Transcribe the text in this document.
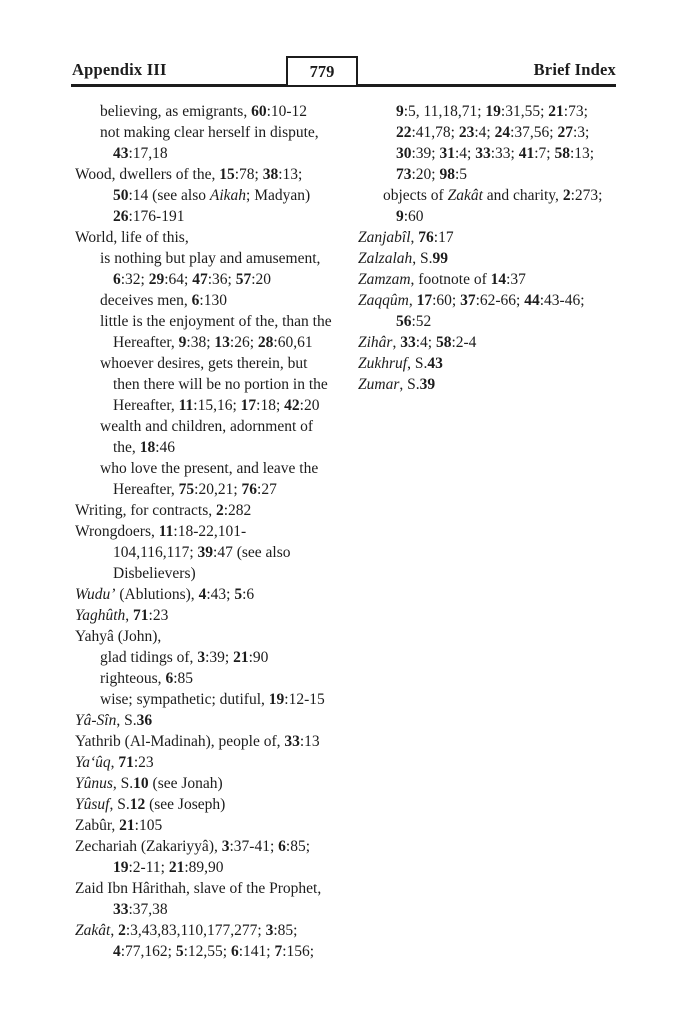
Appendix III	Brief Index
779
believing, as emigrants, 60:10-12
not making clear herself in dispute,
43:17,18
Wood, dwellers of the, 15:78; 38:13;
50:14 (see also Aikah; Madyan)
26:176-191
World, life of this,
is nothing but play and amusement,
6:32; 29:64; 47:36; 57:20
deceives men, 6:130
little is the enjoyment of the, than the
Hereafter, 9:38; 13:26; 28:60,61
whoever desires, gets therein, but
then there will be no portion in the
Hereafter, 11:15,16; 17:18; 42:20
wealth and children, adornment of
the, 18:46
who love the present, and leave the
Hereafter, 75:20,21; 76:27
Writing, for contracts, 2:282
Wrongdoers, 11:18-22,101-
104,116,117; 39:47 (see also
Disbelievers)
Wudu’ (Ablutions), 4:43; 5:6
Yaghûth, 71:23
Yahyâ (John),
glad tidings of, 3:39; 21:90
righteous, 6:85
wise; sympathetic; dutiful, 19:12-15
Yâ-Sîn, S.36
Yathrib (Al-Madinah), people of, 33:13
Ya‘ûq, 71:23
Yûnus, S.10 (see Jonah)
Yûsuf, S.12 (see Joseph)
Zabûr, 21:105
Zechariah (Zakariyyâ), 3:37-41; 6:85;
19:2-11; 21:89,90
Zaid Ibn Hârithah, slave of the Prophet,
33:37,38
Zakât, 2:3,43,83,110,177,277; 3:85;
4:77,162; 5:12,55; 6:141; 7:156;
9:5, 11,18,71; 19:31,55; 21:73;
22:41,78; 23:4; 24:37,56; 27:3;
30:39; 31:4; 33:33; 41:7; 58:13;
73:20; 98:5
objects of Zakât and charity, 2:273;
9:60
Zanjabîl, 76:17
Zalzalah, S.99
Zamzam, footnote of 14:37
Zaqqûm, 17:60; 37:62-66; 44:43-46;
56:52
Zihâr, 33:4; 58:2-4
Zukhruf, S.43
Zumar, S.39
